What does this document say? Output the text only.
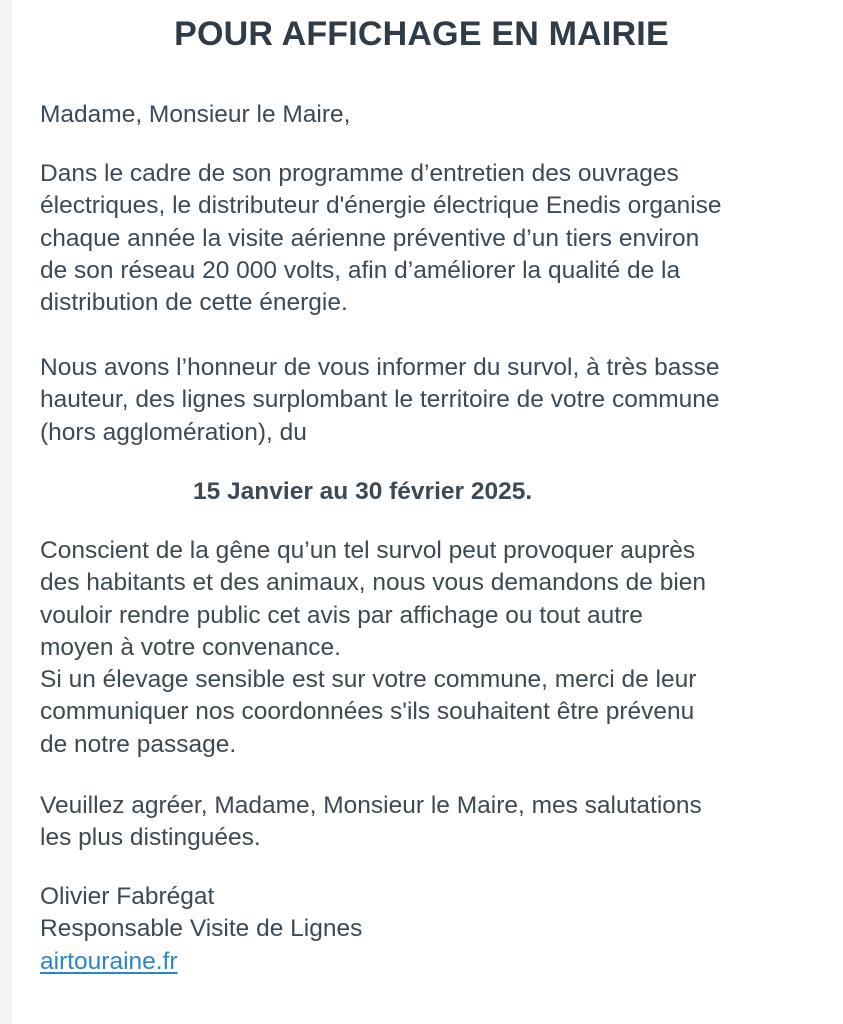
POUR AFFICHAGE EN MAIRIE

Madame, Monsieur le Maire,

Dans le cadre de son programme d’entretien des ouvrages
électriques, le distributeur d'énergie électrique Enedis organise
chaque année la visite aérienne préventive d’un tiers environ
de son réseau 20 000 volts, afin d’améliorer la qualité de la
distribution de cette énergie.

Nous avons l’honneur de vous informer du survol, à très basse
hauteur, des lignes surplombant le territoire de votre commune
(hors agglomération), du

15 Janvier au 30 février 2025.

Conscient de la gêne qu’un tel survol peut provoquer auprès
des habitants et des animaux, nous vous demandons de bien
vouloir rendre public cet avis par affichage ou tout autre
moyen à votre convenance.
Si un élevage sensible est sur votre commune, merci de leur
communiquer nos coordonnées s'ils souhaitent être prévenu
de notre passage.

Veuillez agréer, Madame, Monsieur le Maire, mes salutations
les plus distinguées.

Olivier Fabrégat
Responsable Visite de Lignes
airtouraine.fr
